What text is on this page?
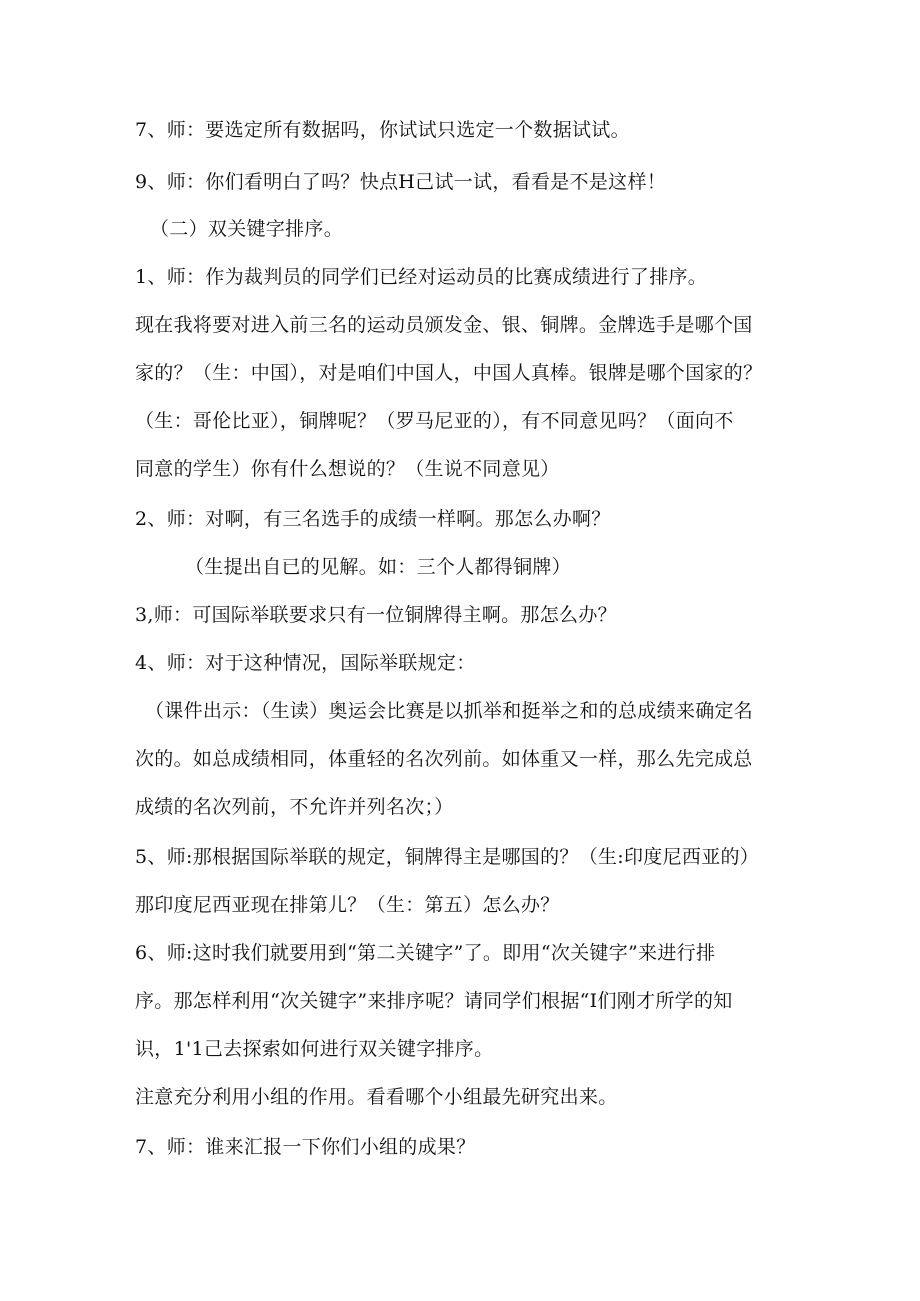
7、师：要选定所有数据吗，你试试只选定一个数据试试。
9、师：你们看明白了吗？快点H己试一试，看看是不是这样！
（二）双关键字排序。
1、师：作为裁判员的同学们已经对运动员的比赛成绩进行了排序。
现在我将要对进入前三名的运动员颁发金、银、铜牌。金牌选手是哪个国
家的？（生：中国），对是咱们中国人，中国人真棒。银牌是哪个国家的？
（生：哥伦比亚），铜牌呢？（罗马尼亚的），有不同意见吗？（面向不
同意的学生）你有什么想说的？（生说不同意见）
2、师：对啊，有三名选手的成绩一样啊。那怎么办啊？
（生提出自已的见解。如：三个人都得铜牌）
3,师：可国际举联要求只有一位铜牌得主啊。那怎么办？
4、师：对于这种情况，国际举联规定：
（课件出示：（生读）奥运会比赛是以抓举和挺举之和的总成绩来确定名
次的。如总成绩相同，体重轻的名次列前。如体重又一样，那么先完成总
成绩的名次列前，不允许并列名次；）
5、师:那根据国际举联的规定，铜牌得主是哪国的？（生:印度尼西亚的）
那印度尼西亚现在排第儿？（生：第五）怎么办？
6、师:这时我们就要用到“第二关键字”了。即用“次关键字”来进行排
序。那怎样利用“次关键字”来排序呢？请同学们根据“I们刚才所学的知
识，1'1己去探索如何进行双关键字排序。
注意充分利用小组的作用。看看哪个小组最先研究出来。
7、师：谁来汇报一下你们小组的成果？
